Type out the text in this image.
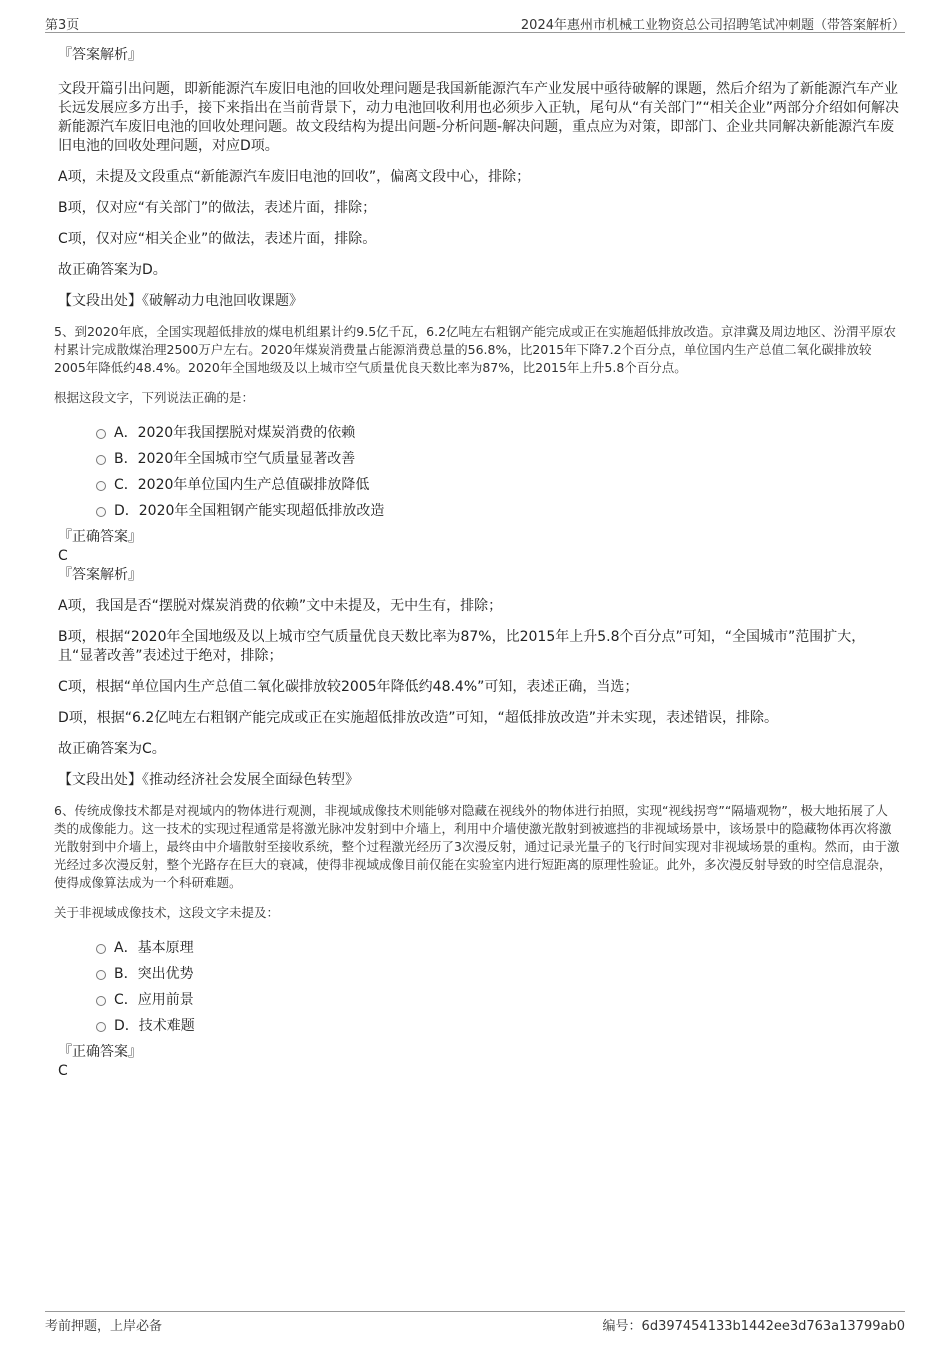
第3页	2024年惠州市机械工业物资总公司招聘笔试冲刺题（带答案解析）
『答案解析』
文段开篇引出问题，即新能源汽车废旧电池的回收处理问题是我国新能源汽车产业发展中亟待破解的课题，然后介绍为了新能源汽车产业长远发展应多方出手，接下来指出在当前背景下，动力电池回收利用也必须步入正轨，尾句从“有关部门”“相关企业”两部分介绍如何解决新能源汽车废旧电池的回收处理问题。故文段结构为提出问题-分析问题-解决问题，重点应为对策，即部门、企业共同解决新能源汽车废旧电池的回收处理问题，对应D项。
A项，未提及文段重点“新能源汽车废旧电池的回收”，偏离文段中心，排除；
B项，仅对应“有关部门”的做法，表述片面，排除；
C项，仅对应“相关企业”的做法，表述片面，排除。
故正确答案为D。
【文段出处】《破解动力电池回收课题》
5、到2020年底，全国实现超低排放的煤电机组累计约9.5亿千瓦，6.2亿吨左右粗钢产能完成或正在实施超低排放改造。京津冀及周边地区、汾渭平原农村累计完成散煤治理2500万户左右。2020年煤炭消费量占能源消费总量的56.8%，比2015年下降7.2个百分点，单位国内生产总值二氧化碳排放较2005年降低约48.4%。2020年全国地级及以上城市空气质量优良天数比率为87%，比2015年上升5.8个百分点。
根据这段文字，下列说法正确的是：
A．2020年我国摆脱对煤炭消费的依赖
B．2020年全国城市空气质量显著改善
C．2020年单位国内生产总值碳排放降低
D．2020年全国粗钢产能实现超低排放改造
『正确答案』
C
『答案解析』
A项，我国是否“摆脱对煤炭消费的依赖”文中未提及，无中生有，排除；
B项，根据“2020年全国地级及以上城市空气质量优良天数比率为87%，比2015年上升5.8个百分点”可知，“全国城市”范围扩大，且“显著改善”表述过于绝对，排除；
C项，根据“单位国内生产总值二氧化碳排放较2005年降低约48.4%”可知，表述正确，当选；
D项，根据“6.2亿吨左右粗钢产能完成或正在实施超低排放改造”可知，“超低排放改造”并未实现，表述错误，排除。
故正确答案为C。
【文段出处】《推动经济社会发展全面绿色转型》
6、传统成像技术都是对视域内的物体进行观测，非视域成像技术则能够对隐藏在视线外的物体进行拍照，实现“视线拐弯”“隔墙观物”，极大地拓展了人类的成像能力。这一技术的实现过程通常是将激光脉冲发射到中介墙上，利用中介墙使激光散射到被遮挡的非视域场景中，该场景中的隐藏物体再次将激光散射到中介墙上，最终由中介墙散射至接收系统，整个过程激光经历了3次漫反射，通过记录光量子的飞行时间实现对非视域场景的重构。然而，由于激光经过多次漫反射，整个光路存在巨大的衰减，使得非视域成像目前仅能在实验室内进行短距离的原理性验证。此外，多次漫反射导致的时空信息混杂，使得成像算法成为一个科研难题。
关于非视域成像技术，这段文字未提及：
A．基本原理
B．突出优势
C．应用前景
D．技术难题
『正确答案』
C
考前押题，上岸必备	编号：6d397454133b1442ee3d763a13799ab0
